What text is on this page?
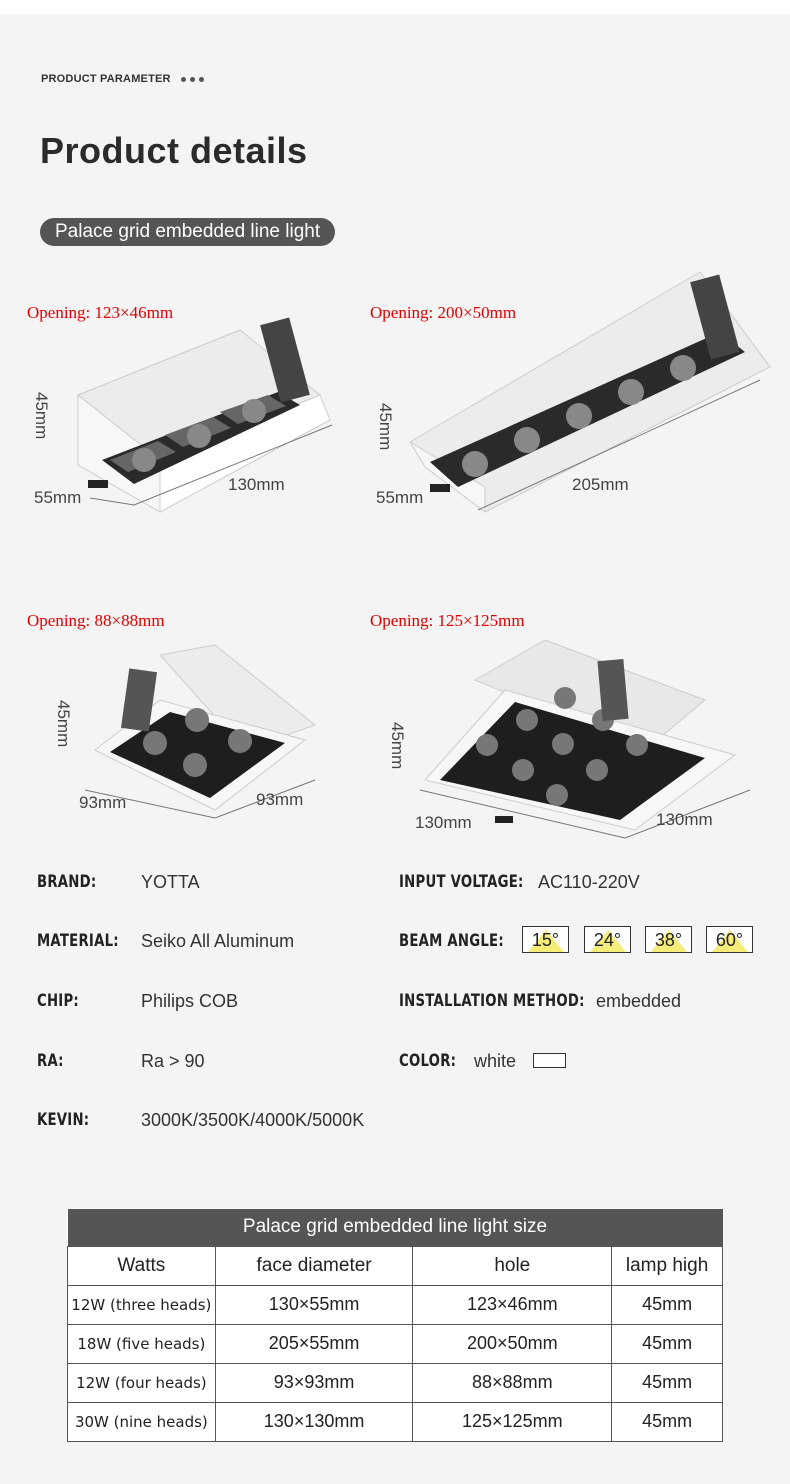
PRODUCT PARAMETER
Product details
Palace grid embedded line light
Opening: 123×46mm
45mm
55mm
130mm
Opening: 200×50mm
45mm
55mm
205mm
Opening: 88×88mm
45mm
93mm	93mm
Opening: 125×125mm
45mm
130mm	130mm
BRAND: YOTTA
MATERIAL: Seiko All Aluminum
CHIP:	Philips COB
RA:	Ra > 90
KEVIN:	3000K/3500K/4000K/5000K
INPUT VOLTAGE: AC110-220V
BEAM ANGLE:	15°	24°	38°	60°
INSTALLATION METHOD: embedded
COLOR: white
Palace grid embedded line light size			
Watts	face diameter	hole	lamp high
12W (three heads)	130×55mm	123×46mm	45mm
18W (five heads)	205×55mm	200×50mm	45mm
12W (four heads)	93×93mm	88×88mm	45mm
30W (nine heads)	130×130mm	125×125mm	45mm
